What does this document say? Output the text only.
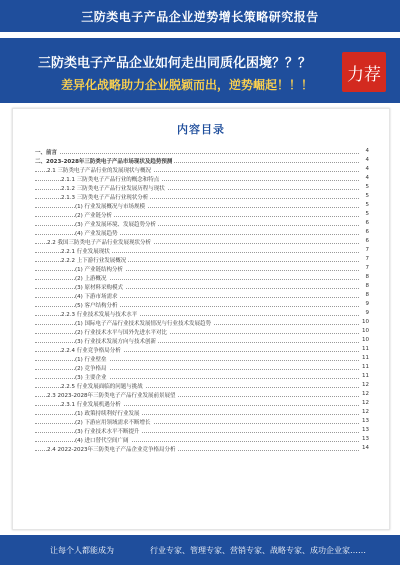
三防类电子产品企业逆势增长策略研究报告
三防类电子产品企业如何走出同质化困境？？？
差异化战略助力企业脱颖而出，逆势崛起！！！
力荐
内容目录
一、前言	4
二、2023-2028年三防类电子产品市场现状及趋势预测	4
2.1 三防类电子产品行业的发展现状与概况	4
2.1.1 三防类电子产品行业的概念和特点	4
2.1.2 三防类电子产品行业发展历程与现状	5
2.1.3 三防类电子产品行业现状分析	5
(1) 行业发展概况与市场规模	5
(2) 产业链分析	5
(3) 产业发展环境、发展趋势分析	6
(4) 产业发展趋势	6
2.2 我国三防类电子产品行业发展现状分析	6
2.2.1 行业发展现状	7
2.2.2 上下游行业发展概况	7
(1) 产业链结构分析	7
(2) 上游概况	8
(3) 原材料采购模式	8
(4) 下游市场需求	8
(5) 客户结构分析	9
2.2.3 行业技术发展与技术水平	9
(1) 国际电子产品行业技术发展情况与行业技术发展趋势	10
(2) 行业技术水平与国外先进水平对比	10
(3) 行业技术发展方向与技术创新	10
2.2.4 行业竞争格局分析	11
(1) 行业壁垒	11
(2) 竞争格局	11
(3) 主要企业	11
2.2.5 行业发展面临的问题与挑战	12
2.3 2023-2028年三防类电子产品行业发展前景展望	12
2.3.1 行业发展机遇分析	12
(1) 政策持续利好行业发展	12
(2) 下游应用领域需求不断增长	13
(3) 行业技术水平不断提升	13
(4) 进口替代空间广阔	13
2.4 2022-2023年三防类电子产品企业竞争格局分析	14
让每个人都能成为	行业专家、管理专家、营销专家、战略专家、成功企业家……
